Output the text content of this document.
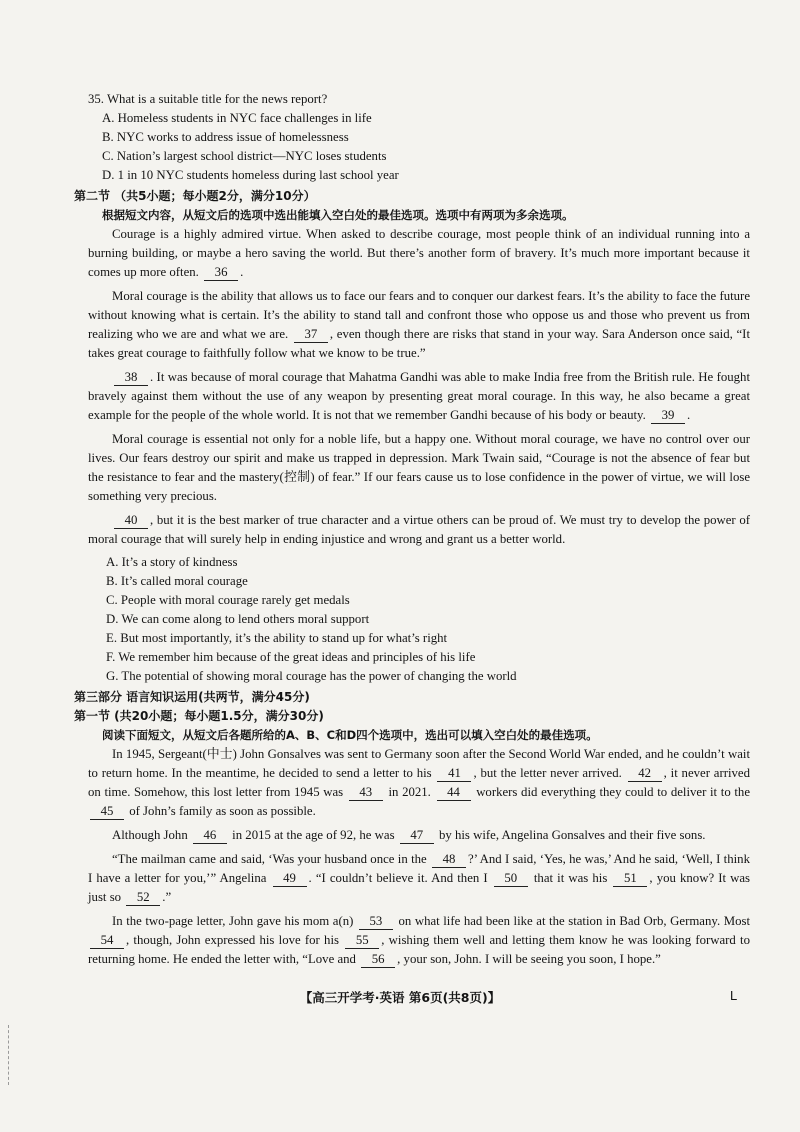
35. What is a suitable title for the news report?

A. Homeless students in NYC face challenges in life

B. NYC works to address issue of homelessness

C. Nation’s largest school district—NYC loses students

D. 1 in 10 NYC students homeless during last school year

第二节 （共5小题；每小题2分，满分10分）

根据短文内容，从短文后的选项中选出能填入空白处的最佳选项。选项中有两项为多余选项。

Courage is a highly admired virtue. When asked to describe courage, most people think of an individual running into a burning building, or maybe a hero saving the world. But there’s another form of bravery. It’s much more important because it comes up more often. 36 .

Moral courage is the ability that allows us to face our fears and to conquer our darkest fears. It’s the ability to face the future without knowing what is certain. It’s the ability to stand tall and confront those who oppose us and those who prevent us from realizing who we are and what we are. 37 , even though there are risks that stand in your way. Sara Anderson once said, “It takes great courage to faithfully follow what we know to be true.”

38 . It was because of moral courage that Mahatma Gandhi was able to make India free from the British rule. He fought bravely against them without the use of any weapon by presenting great moral courage. In this way, he also became a great example for the people of the whole world. It is not that we remember Gandhi because of his body or beauty. 39 .

Moral courage is essential not only for a noble life, but a happy one. Without moral courage, we have no control over our lives. Our fears destroy our spirit and make us trapped in depression. Mark Twain said, “Courage is not the absence of fear but the resistance to fear and the mastery(控制) of fear.” If our fears cause us to lose confidence in the power of virtue, we will lose something very precious.

40 , but it is the best marker of true character and a virtue others can be proud of. We must try to develop the power of moral courage that will surely help in ending injustice and wrong and grant us a better world.

A. It’s a story of kindness

B. It’s called moral courage

C. People with moral courage rarely get medals

D. We can come along to lend others moral support

E. But most importantly, it’s the ability to stand up for what’s right

F. We remember him because of the great ideas and principles of his life

G. The potential of showing moral courage has the power of changing the world

第三部分 语言知识运用(共两节，满分45分)

第一节 (共20小题；每小题1.5分，满分30分)

阅读下面短文，从短文后各题所给的A、B、C和D四个选项中，选出可以填入空白处的最佳选项。

In 1945, Sergeant(中士) John Gonsalves was sent to Germany soon after the Second World War ended, and he couldn’t wait to return home. In the meantime, he decided to send a letter to his 41 , but the letter never arrived. 42 , it never arrived on time. Somehow, this lost letter from 1945 was 43 in 2021. 44 workers did everything they could to deliver it to the 45 of John’s family as soon as possible.

Although John 46 in 2015 at the age of 92, he was 47 by his wife, Angelina Gonsalves and their five sons.

“The mailman came and said, ‘Was your husband once in the 48 ?’ And I said, ‘Yes, he was,’ And he said, ‘Well, I think I have a letter for you,’” Angelina 49 . “I couldn’t believe it. And then I 50 that it was his 51 , you know? It was just so 52 .”

In the two-page letter, John gave his mom a(n) 53 on what life had been like at the station in Bad Orb, Germany. Most 54 , though, John expressed his love for his 55 , wishing them well and letting them know he was looking forward to returning home. He ended the letter with, “Love and 56 , your son, John. I will be seeing you soon, I hope.”

【高三开学考·英语 第6页(共8页)】	L
